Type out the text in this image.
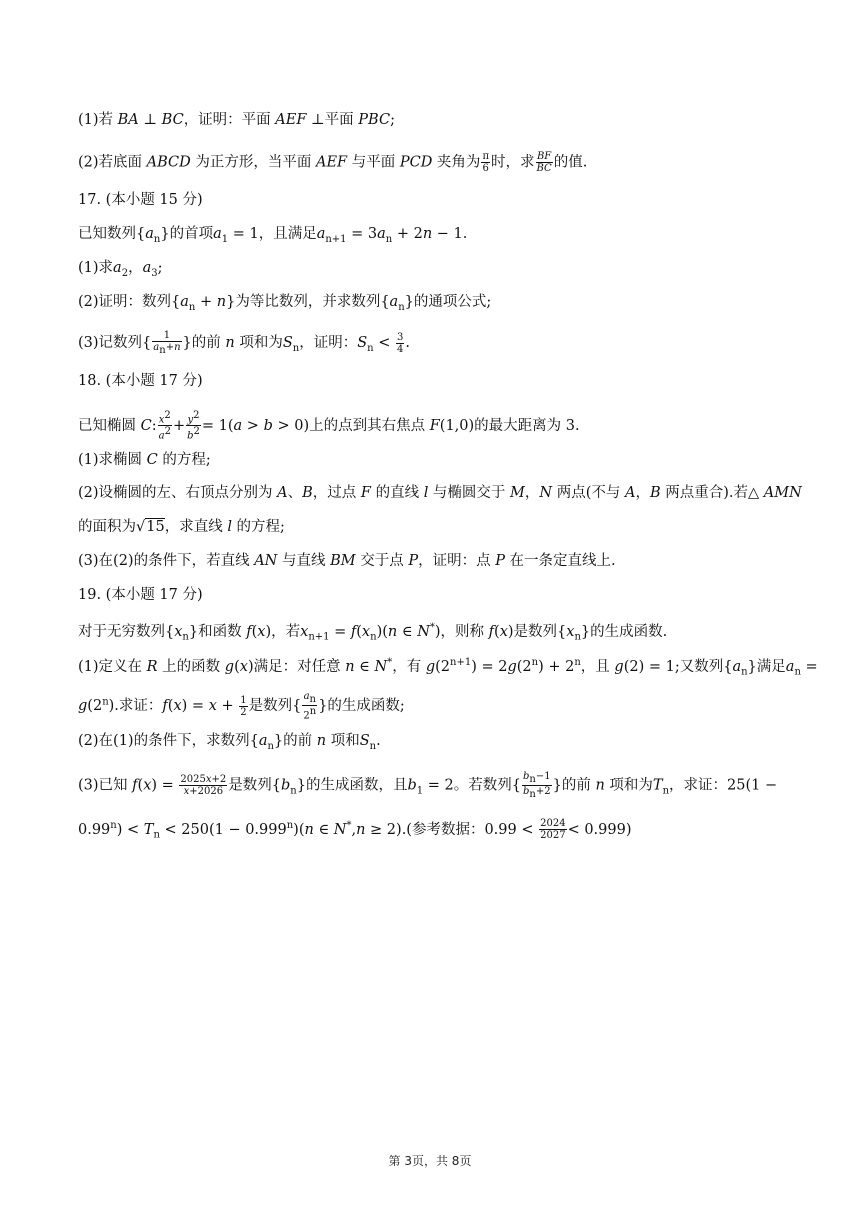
(1)若 BA ⊥ BC，证明：平面 AEF ⊥平面 PBC;
(2)若底面 ABCD 为正方形，当平面 AEF 与平面 PCD 夹角为 $\frac{\pi}{6}$ 时，求 $\frac{BF}{BC}$ 的值.
17. (本小题 15 分)
已知数列$\{a_n\}$的首项$a_1 = 1$，且满足$a_{n+1} = 3a_n + 2n - 1$.
(1)求$a_2$，$a_3$;
(2)证明：数列$\{a_n + n\}$为等比数列，并求数列$\{a_n\}$的通项公式;
(3)记数列{ $\frac{1}{a_n+n}$ }的前 n 项和为$S_n$，证明：$S_n < \frac{3}{4}$ .
18. (本小题 17 分)
已知椭圆 C: $\frac{x^2}{a^2} + \frac{y^2}{b^2} = 1(a > b > 0)$上的点到其右焦点 F(1,0)的最大距离为 3.
(1)求椭圆 C 的方程;
(2)设椭圆的左、右顶点分别为 A、B，过点 F 的直线 l 与椭圆交于 M，N 两点(不与 A，B 两点重合).若△ AMN
的面积为√15，求直线 l 的方程;
(3)在(2)的条件下，若直线 AN 与直线 BM 交于点 P，证明：点 P 在一条定直线上.
19. (本小题 17 分)
对于无穷数列$\{x_n\}$和函数 f(x)，若$x_{n+1} = f(x_n)(n$ ∈ N*)，则称 f(x)是数列$\{x_n\}$的生成函数.
(1)定义在 R 上的函数 g(x)满足：对任意 n ∈ N*，有 $g(2^{n+1}) = 2g(2^n) + 2^n$，且 g(2) = 1;又数列$\{a_n\}$满足$a_n$ =
$g(2^n)$.求证：$f(x) = x + \frac{1}{2}$ 是数列{ $\frac{a_n}{2^n}$ }的生成函数;
(2)在(1)的条件下，求数列$\{a_n\}$的前 n 项和$S_n$.
(3)已知 $f(x) = \frac{2025x+2}{x+2026}$ 是数列$\{b_n\}$的生成函数，且$b_1 = 2$。若数列{ $\frac{b_n-1}{b_n+2}$ }的前 n 项和为$T_n$，求证：25(1 −
$0.99^n) < T_n < 250(1 - 0.999^n)(n$ ∈ N*,n ≥ 2).(参考数据：$0.99 < \frac{2024}{2027} < 0.999$)
第 3页，共 8页
